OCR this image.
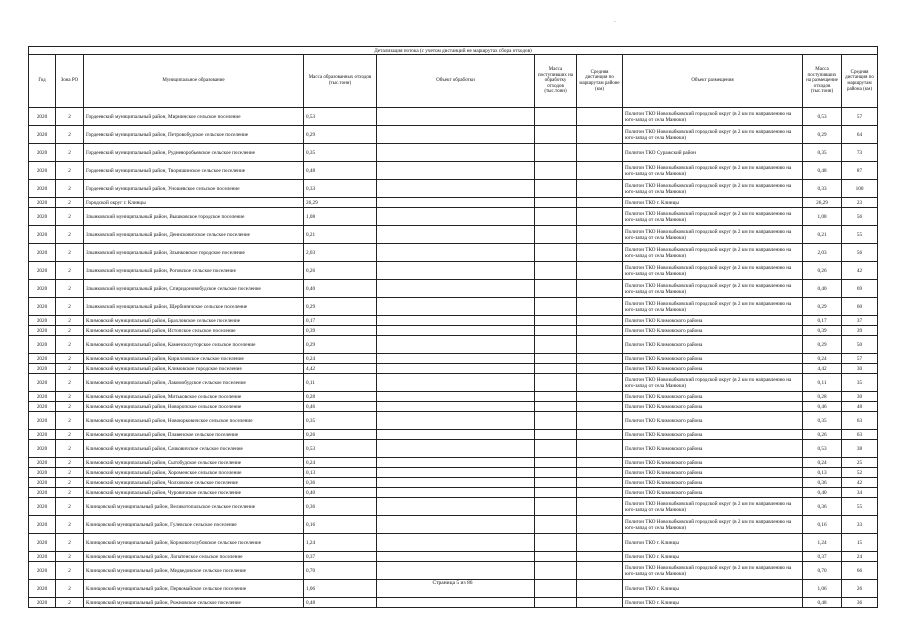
-
Детализация потока (с учетом дистанций не маршрутах сбора отходов)									
Год	Зона РО	Муниципальное образование	Масса образованных отходов (тыс.тонн)	Объект обработки	Масса поступивших на обработку отходов (тыс.тонн)	Средняя дистанция по маршрутам районе (км)	Объект размещения	Масса поступивших на размещение отходов (тыс.тонн)	Средняя дистанция по маршрутам района (км)
2020	2	Гордеевский муниципальный район, Мирнинское сельское поселение	0,53				Полигон ТКО Новозыбковский городской округ (в 2 км по направлению на юго-запад от села Манюки)	0,53	57
2020	2	Гордеевский муниципальный район, Петровобудское сельское поселение	0,29				Полигон ТКО Новозыбковский городской округ (в 2 км по направлению на юго-запад от села Манюки)	0,29	64
2020	2	Гордеевский муниципальный район, Рудневоробьевское сельское поселение	0,35				Полигон ТКО Суражский район	0,35	73
2020	2	Гордеевский муниципальный район, Творишинское сельское поселение	0,48				Полигон ТКО Новозыбковский городской округ (в 2 км по направлению на юго-запад от села Манюки)	0,48	87
2020	2	Гордеевский муниципальный район, Уношевское сельское поселение	0,33				Полигон ТКО Новозыбковский городской округ (в 2 км по направлению на юго-запад от села Манюки)	0,33	100
2020	2	Городской округ г. Клинцы	26,29				Полигон ТКО г. Клинцы	26,29	23
2020	2	Злынковский муниципальный район, Вышковское городское поселение	1,08				Полигон ТКО Новозыбковский городской округ (в 2 км по направлению на юго-запад от села Манюки)	1,08	56
2020	2	Злынковский муниципальный район, Денисковичское сельское поселение	0,21				Полигон ТКО Новозыбковский городской округ (в 2 км по направлению на юго-запад от села Манюки)	0,21	55
2020	2	Злынковский муниципальный район, Злынковское городское поселение	2,03				Полигон ТКО Новозыбковский городской округ (в 2 км по направлению на юго-запад от села Манюки)	2,03	56
2020	2	Злынковский муниципальный район, Роговское сельское поселение	0,26				Полигон ТКО Новозыбковский городской округ (в 2 км по направлению на юго-запад от села Манюки)	0,26	42
2020	2	Злынковский муниципальный район, Спиридоновобудское сельское поселение	0,40				Полигон ТКО Новозыбковский городской округ (в 2 км по направлению на юго-запад от села Манюки)	0,40	69
2020	2	Злынковский муниципальный район, Щербиничское сельское поселение	0,29				Полигон ТКО Новозыбковский городской округ (в 2 км по направлению на юго-запад от села Манюки)	0,29	60
2020	2	Климовский муниципальный район, Брахловское сельское поселение	0,17				Полигон ТКО Климовского района	0,17	37
2020	2	Климовский муниципальный район, Истопское сельское поселение	0,39				Полигон ТКО Климовского района	0,39	39
2020	2	Климовский муниципальный район, Каменскохуторское сельское поселение	0,29				Полигон ТКО Климовского района	0,29	50
2020	2	Климовский муниципальный район, Кирилловское сельское поселение	0,24				Полигон ТКО Климовского района	0,24	57
2020	2	Климовский муниципальный район, Климовское городское поселение	4,42				Полигон ТКО Климовского района	4,42	30
2020	2	Климовский муниципальный район, Лакомобудское сельское поселение	0,11				Полигон ТКО Новозыбковский городской округ (в 2 км по направлению на юго-запад от села Манюки)	0,11	35
2020	2	Климовский муниципальный район, Митьковское сельское поселение	0,28				Полигон ТКО Климовского района	0,28	30
2020	2	Климовский муниципальный район, Новоропское сельское поселение	0,46				Полигон ТКО Климовского района	0,46	48
2020	2	Климовский муниципальный район, Новоюрковичское сельское поселение	0,35				Полигон ТКО Климовского района	0,35	63
2020	2	Климовский муниципальный район, Плавенское сельское поселение	0,26				Полигон ТКО Климовского района	0,26	63
2020	2	Климовский муниципальный район, Сачковичское сельское поселение	0,53				Полигон ТКО Климовского района	0,53	38
2020	2	Климовский муниципальный район, Сытобудское сельское поселение	0,24				Полигон ТКО Климовского района	0,24	25
2020	2	Климовский муниципальный район, Хороменское сельское поселение	0,13				Полигон ТКО Климовского района	0,13	52
2020	2	Климовский муниципальный район, Чолховское сельское поселение	0,36				Полигон ТКО Климовского района	0,36	42
2020	2	Климовский муниципальный район, Чуровичское сельское поселение	0,40				Полигон ТКО Климовского района	0,40	34
2020	2	Клинцовский муниципальный район, Великотопальское сельское поселение	0,36				Полигон ТКО Новозыбковский городской округ (в 2 км по направлению на юго-запад от села Манюки)	0,36	55
2020	2	Клинцовский муниципальный район, Гулевское сельское поселение	0,16				Полигон ТКО Новозыбковский городской округ (в 2 км по направлению на юго-запад от села Манюки)	0,16	33
2020	2	Клинцовский муниципальный район, Коржовоголубовское сельское поселение	1,24				Полигон ТКО г. Клинцы	1,24	15
2020	2	Клинцовский муниципальный район, Лопатенское сельское поселение	0,37				Полигон ТКО г. Клинцы	0,37	24
2020	2	Клинцовский муниципальный район, Медведовское сельское поселение	0,70				Полигон ТКО Новозыбковский городской округ (в 2 км по направлению на юго-запад от села Манюки)	0,70	66
2020	2	Клинцовский муниципальный район, Первомайское сельское поселение	1,06				Полигон ТКО г. Клинцы	1,06	26
2020	2	Клинцовский муниципальный район, Рожновское сельское поселение	0,48				Полигон ТКО г. Клинцы	0,48	36
Страница 5 из 86
